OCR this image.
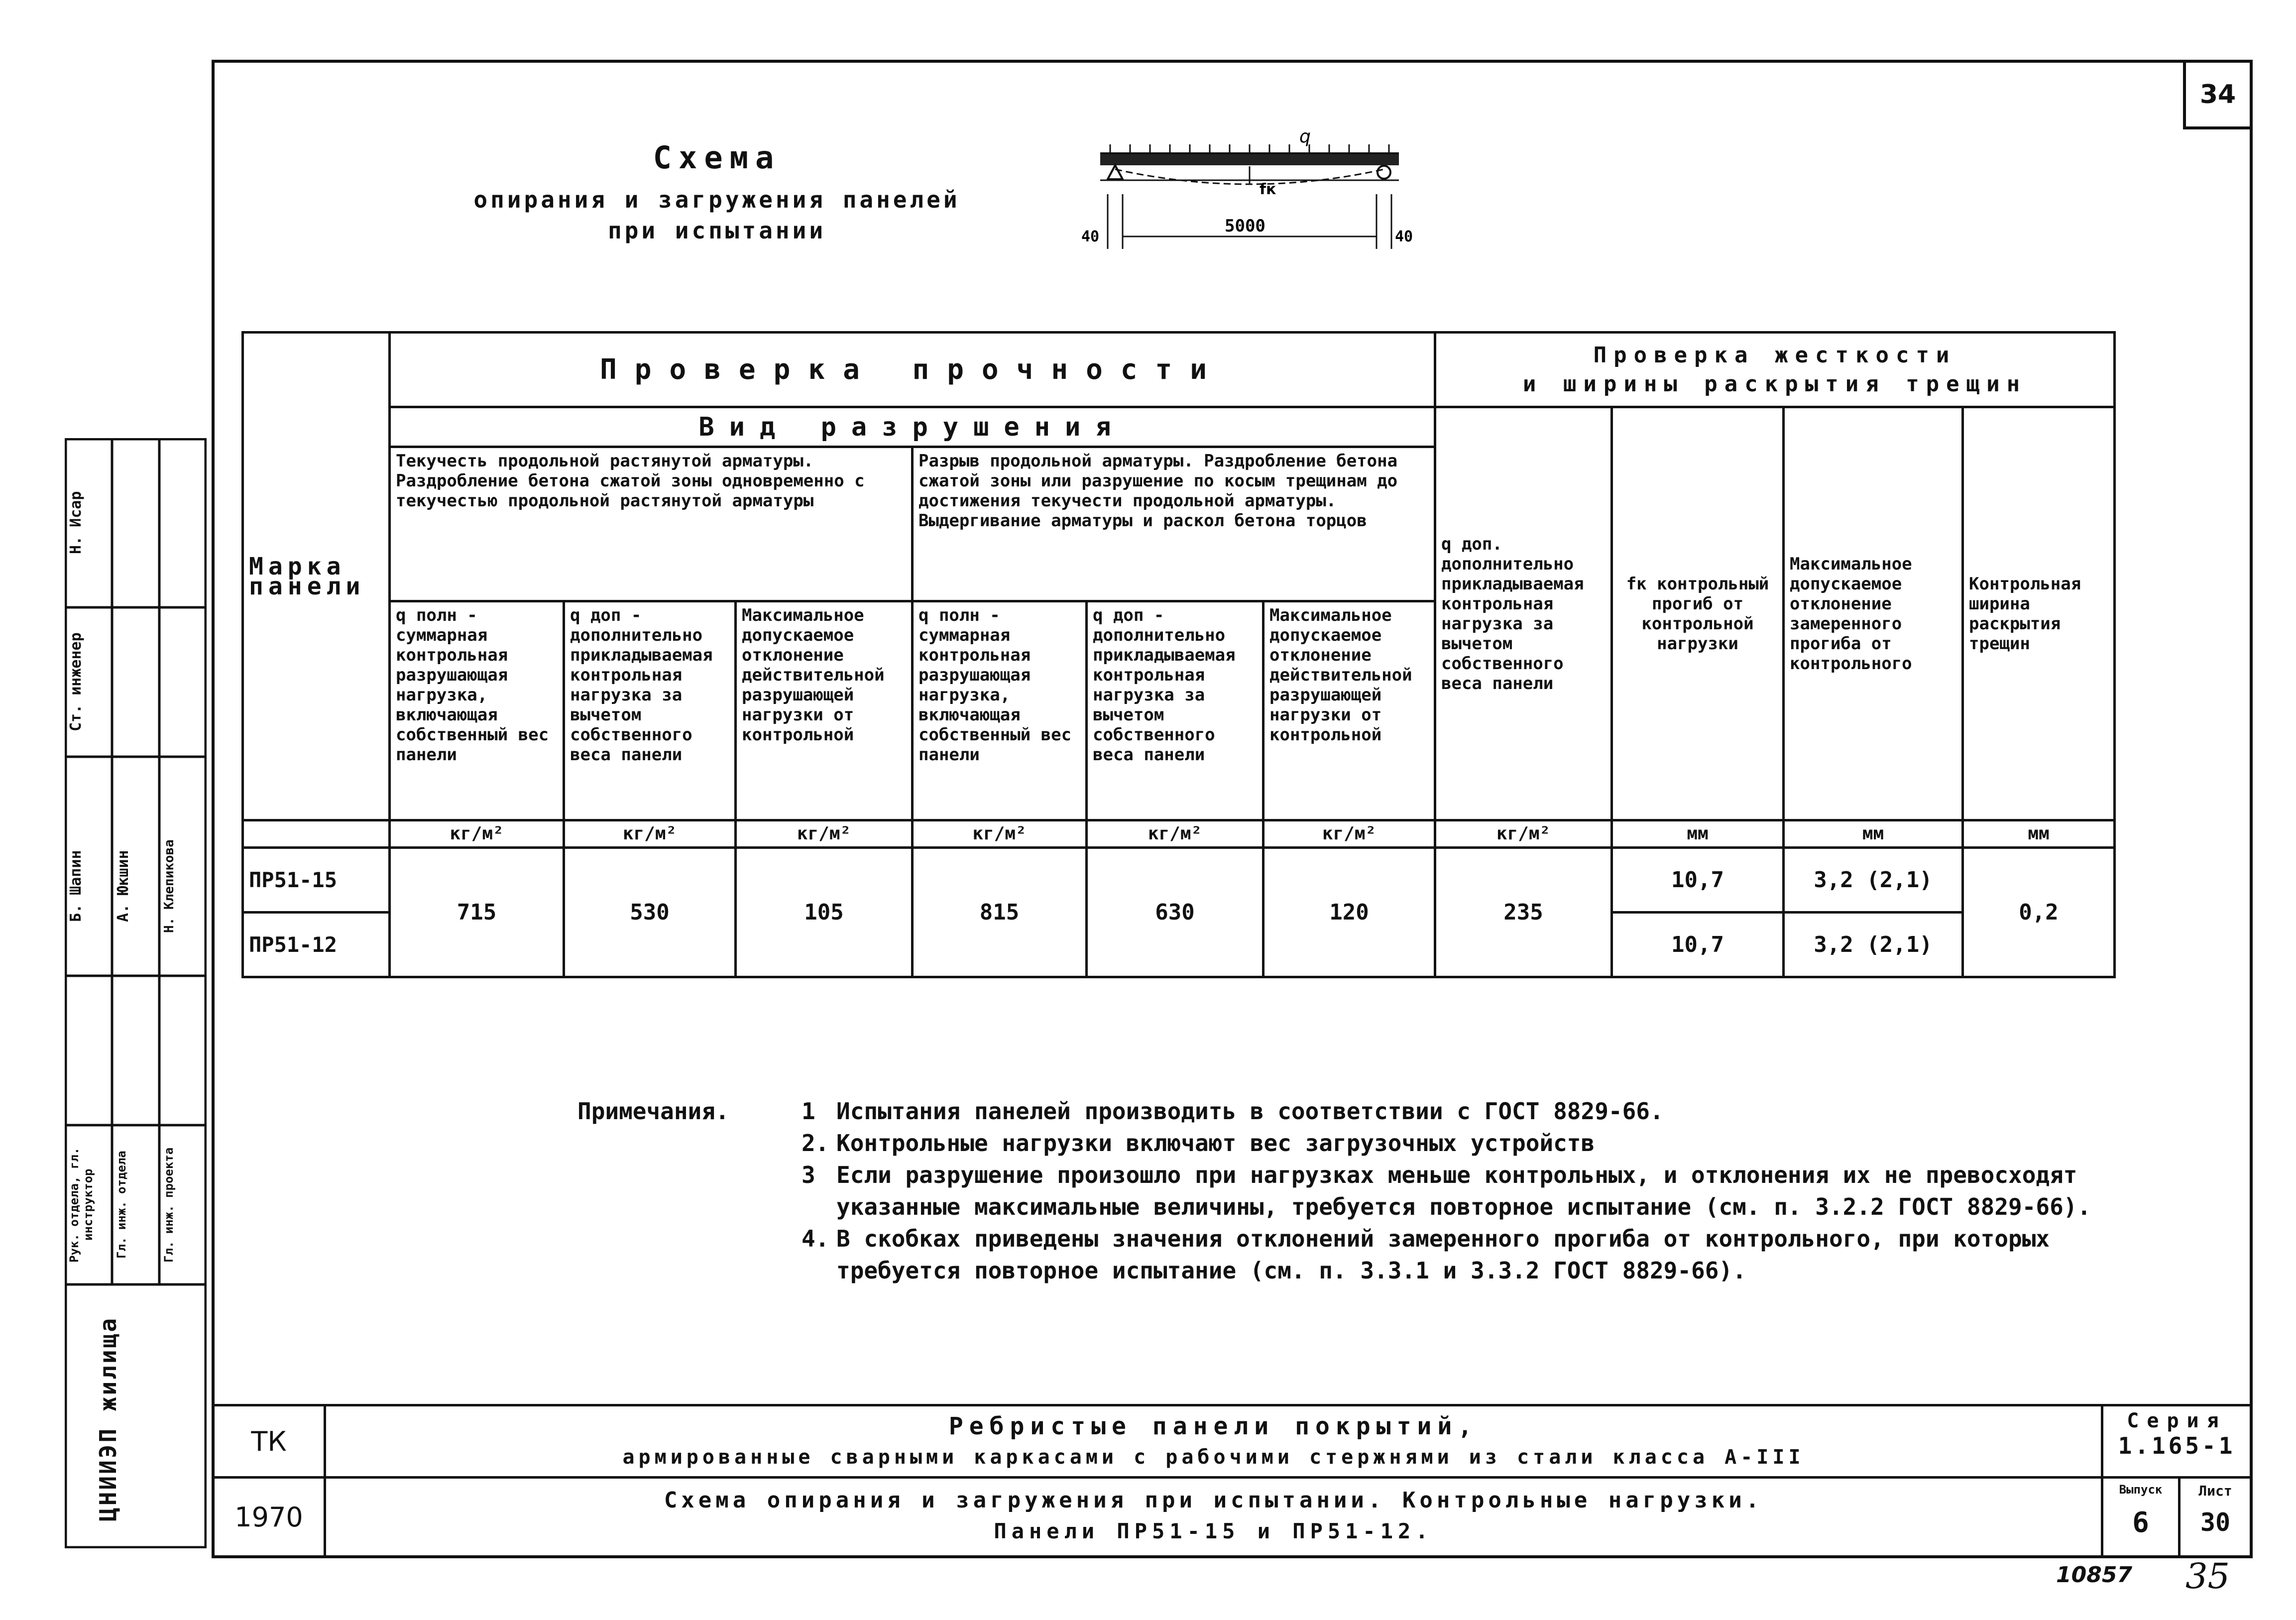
34
Схема
опирания и загружения панелей
при испытании
q
fк
40
5000
40
Марка панели	Проверка прочности						Проверка жесткости
и ширины раскрытия трещин			

	Вид разрушения						q доп. дополнительно прикладываемая контрольная нагрузка за вычетом собственного веса панели	fк контрольный прогиб от контрольной нагрузки	Максимальное допускаемое отклонение замеренного прогиба от контрольного	Контрольная ширина раскрытия трещин
	Текучесть продольной растянутой арматуры. Раздробление бетона сжатой зоны одновременно с текучестью продольной растянутой арматуры			Разрыв продольной арматуры. Раздробление бетона сжатой зоны или разрушение по косым трещинам до достижения текучести продольной арматуры. Выдергивание арматуры и раскол бетона торцов						
	q полн - суммарная контрольная разрушающая нагрузка, включающая собственный вес панели	q доп - дополнительно прикладываемая контрольная нагрузка за вычетом собственного веса панели	Максимальное допускаемое отклонение действительной разрушающей нагрузки от контрольной	q полн - суммарная контрольная разрушающая нагрузка, включающая собственный вес панели	q доп - дополнительно прикладываемая контрольная нагрузка за вычетом собственного веса панели	Максимальное допускаемое отклонение действительной разрушающей нагрузки от контрольной				
	кг/м²	кг/м²	кг/м²	кг/м²	кг/м²	кг/м²	кг/м²	мм	мм	мм
ПР51-15	715	530	105	815	630	120	235	10,7	3,2 (2,1)	0,2
ПР51-12								10,7	3,2 (2,1)	
Примечания.	1 Испытания панелей производить в соответствии с ГОСТ 8829-66.
2. Контрольные нагрузки включают вес загрузочных устройств
3 Если разрушение произошло при нагрузках меньше контрольных, и отклонения их не превосходят указанные максимальные величины, требуется повторное испытание (см. п. 3.2.2 ГОСТ 8829-66).
4. В скобках приведены значения отклонений замеренного прогиба от контрольного, при которых требуется повторное испытание (см. п. 3.3.1 и 3.3.2 ГОСТ 8829-66).
Рук. отдела, гл. инструктор	Гл. инж. отдела	Гл. инж. проекта
Б. Шапин	А. Юкшин	Н. Клепикова
Ст. инженер
Н. Исар
ЦНИИЭП жилища	ТК
1970
Ребристые панели покрытий,
армированные сварными каркасами с рабочими стержнями из стали класса А-III
Схема опирания и загружения при испытании. Контрольные нагрузки.
Панели ПР51-15 и ПР51-12.
Серия
1.165-1
Выпуск
6
Лист
30
10857 35
